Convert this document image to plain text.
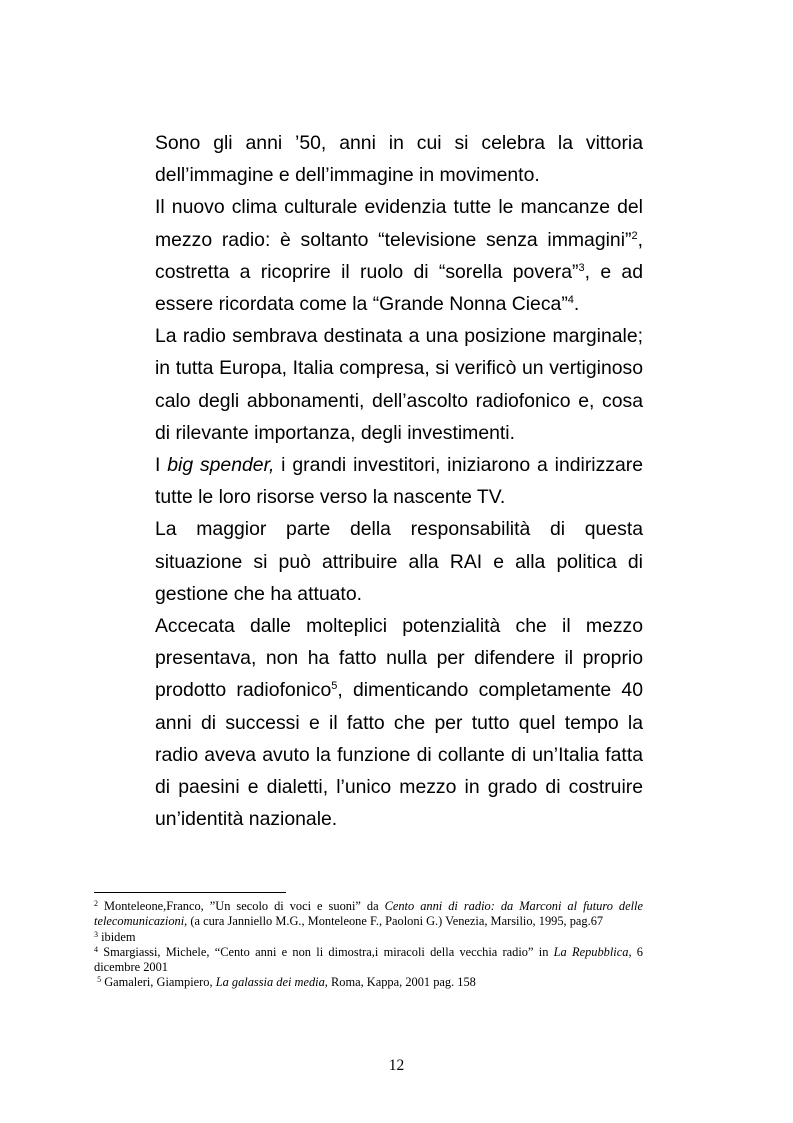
Sono gli anni ’50, anni in cui si celebra la vittoria dell’immagine e dell’immagine in movimento.

Il nuovo clima culturale evidenzia tutte le mancanze del mezzo radio: è soltanto “televisione senza immagini”$^2$, costretta a ricoprire il ruolo di “sorella povera”$^3$, e ad essere ricordata come la “Grande Nonna Cieca”$^4$.

La radio sembrava destinata a una posizione marginale; in tutta Europa, Italia compresa, si verificò un vertiginoso calo degli abbonamenti, dell’ascolto radiofonico e, cosa di rilevante importanza, degli investimenti.

I big spender, i grandi investitori, iniziarono a indirizzare tutte le loro risorse verso la nascente TV.

La maggior parte della responsabilità di questa situazione si può attribuire alla RAI e alla politica di gestione che ha attuato.

Accecata dalle molteplici potenzialità che il mezzo presentava, non ha fatto nulla per difendere il proprio prodotto radiofonico$^5$, dimenticando completamente 40 anni di successi e il fatto che per tutto quel tempo la radio aveva avuto la funzione di collante di un’Italia fatta di paesini e dialetti, l’unico mezzo in grado di costruire un’identità nazionale.

$^2$ Monteleone,Franco, ”Un secolo di voci e suoni” da Cento anni di radio: da Marconi al futuro delle telecomunicazioni, (a cura Janniello M.G., Monteleone F., Paoloni G.) Venezia, Marsilio, 1995, pag.67

$^3$ ibidem

$^4$ Smargiassi, Michele, “Cento anni e non li dimostra,i miracoli della vecchia radio” in La Repubblica, 6 dicembre 2001

$^5$ Gamaleri, Giampiero, La galassia dei media, Roma, Kappa, 2001 pag. 158

12
